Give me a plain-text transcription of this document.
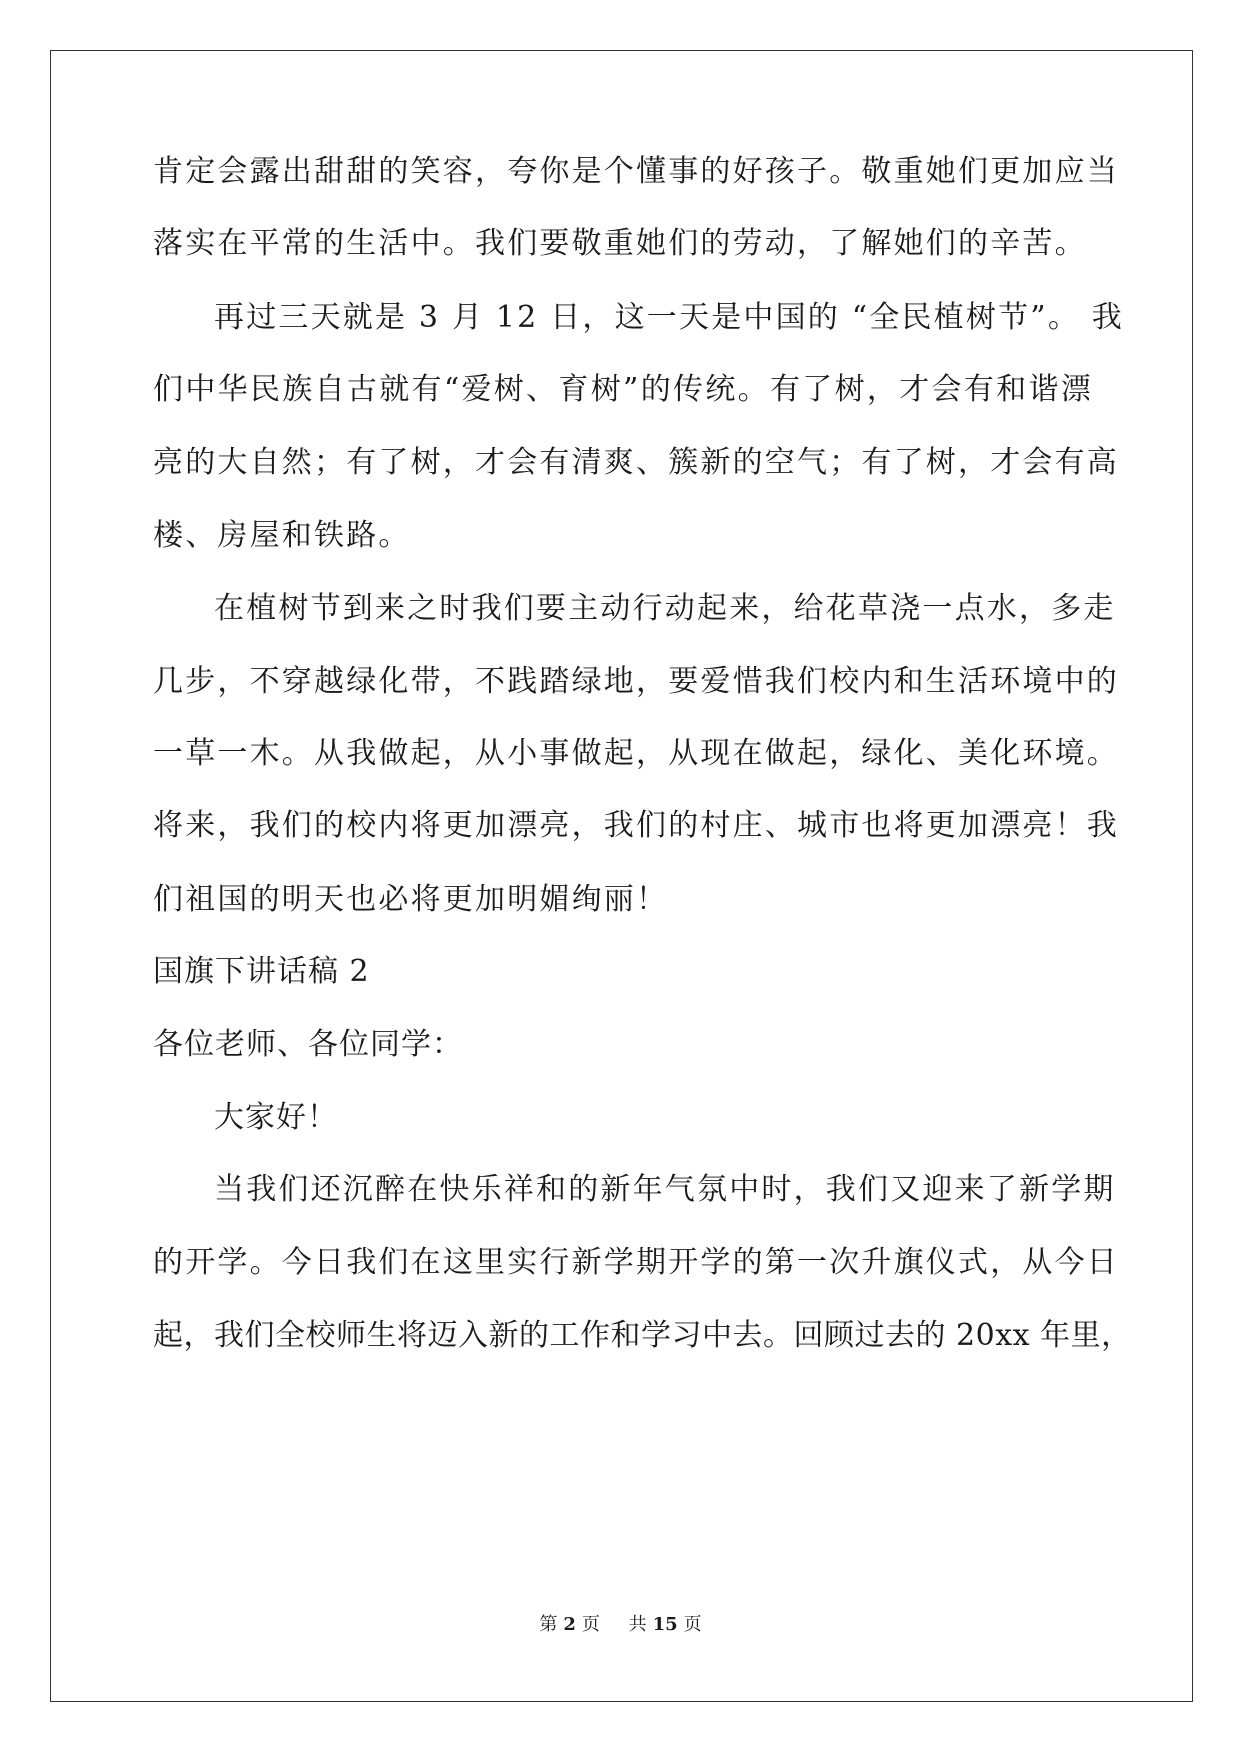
肯定会露出甜甜的笑容，夸你是个懂事的好孩子。敬重她们更加应当
落实在平常的生活中。我们要敬重她们的劳动，了解她们的辛苦。
再过三天就是 3 月 12 日，这一天是中国的 “全民植树节”。 我
们中华民族自古就有“爱树、育树”的传统。有了树，才会有和谐漂
亮的大自然；有了树，才会有清爽、簇新的空气；有了树，才会有高
楼、房屋和铁路。
在植树节到来之时我们要主动行动起来，给花草浇一点水，多走
几步，不穿越绿化带，不践踏绿地，要爱惜我们校内和生活环境中的
一草一木。从我做起，从小事做起，从现在做起，绿化、美化环境。
将来，我们的校内将更加漂亮，我们的村庄、城市也将更加漂亮！我
们祖国的明天也必将更加明媚绚丽！
国旗下讲话稿 2
各位老师、各位同学：
大家好！
当我们还沉醉在快乐祥和的新年气氛中时，我们又迎来了新学期
的开学。今日我们在这里实行新学期开学的第一次升旗仪式，从今日
起，我们全校师生将迈入新的工作和学习中去。回顾过去的 20xx 年里，
第 2 页 共 15 页
